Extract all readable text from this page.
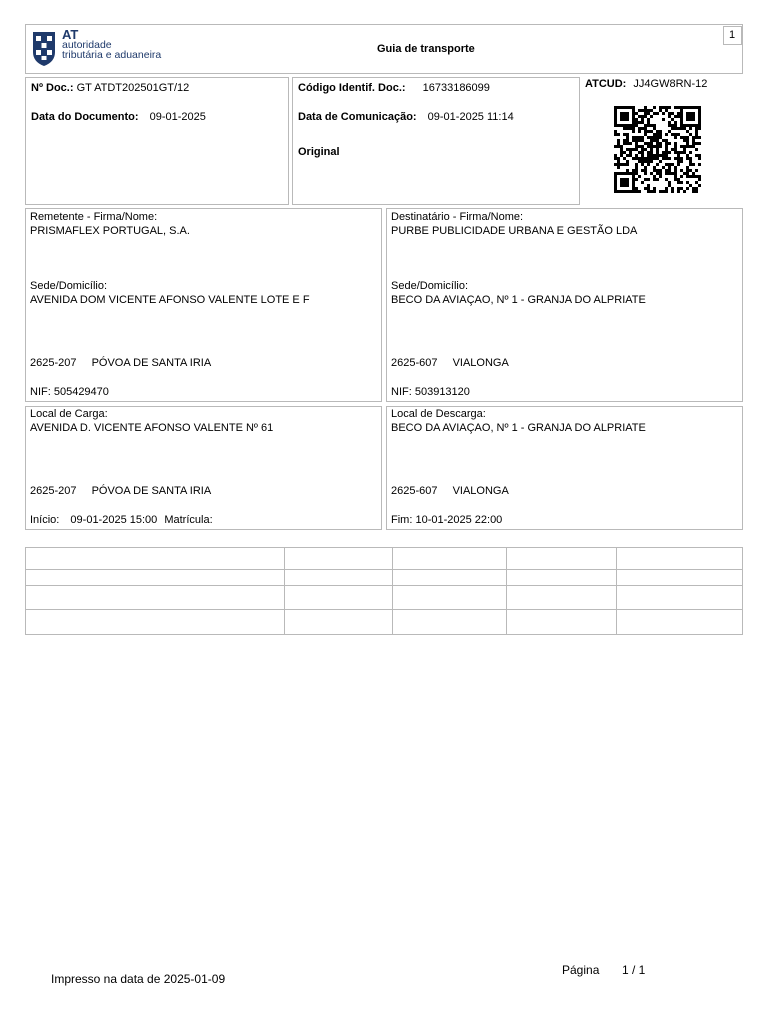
AT
autoridade
tributária e aduaneira	Guia de transporte
1
Nº Doc.: GT ATDT202501GT/12
Data do Documento: 09-01-2025
Código Identif. Doc.: 16733186099
Data de Comunicação: 09-01-2025 11:14
Original
ATCUD: JJ4GW8RN-12
Remetente - Firma/Nome:
PRISMAFLEX PORTUGAL, S.A.
Sede/Domicílio:
AVENIDA DOM VICENTE AFONSO VALENTE LOTE E F
2625-207 PÓVOA DE SANTA IRIA
NIF: 505429470
Destinatário - Firma/Nome:
PURBE PUBLICIDADE URBANA E GESTÃO LDA
Sede/Domicílio:
BECO DA AVIAÇAO, Nº 1 - GRANJA DO ALPRIATE
2625-607 VIALONGA
NIF: 503913120
Local de Carga:
AVENIDA D. VICENTE AFONSO VALENTE Nº 61
2625-207 PÓVOA DE SANTA IRIA
Início: 09-01-2025 15:00 Matrícula:
Local de Descarga:
BECO DA AVIAÇAO, Nº 1 - GRANJA DO ALPRIATE
2625-607 VIALONGA
Fim: 10-01-2025 22:00

Impresso na data de 2025-01-09
Página 1 / 1
